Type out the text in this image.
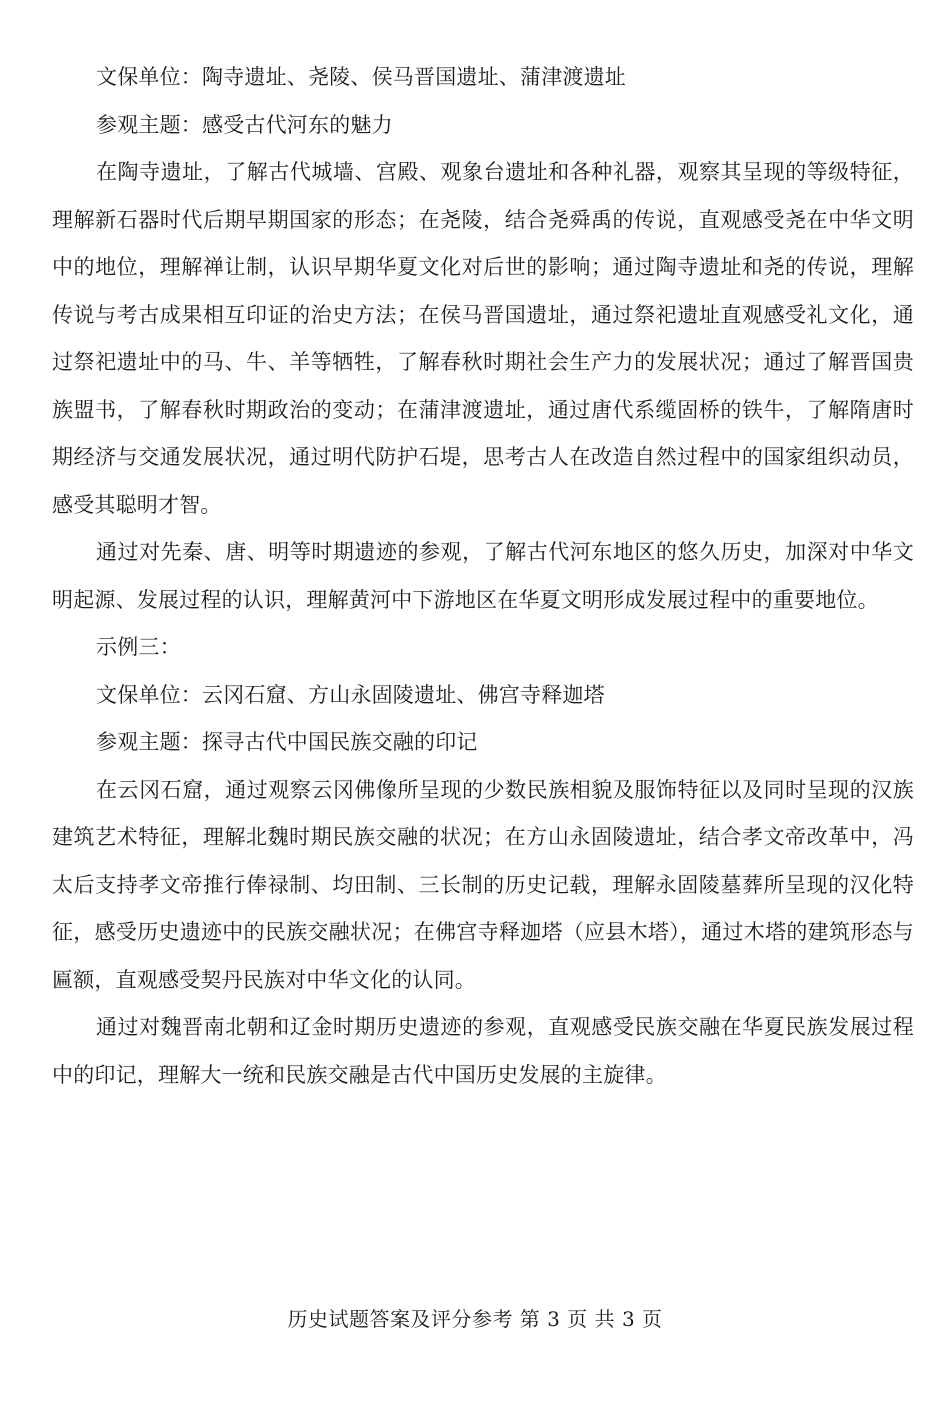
文保单位：陶寺遗址、尧陵、侯马晋国遗址、蒲津渡遗址

参观主题：感受古代河东的魅力

在陶寺遗址，了解古代城墙、宫殿、观象台遗址和各种礼器，观察其呈现的等级特征，理解新石器时代后期早期国家的形态；在尧陵，结合尧舜禹的传说，直观感受尧在中华文明中的地位，理解禅让制，认识早期华夏文化对后世的影响；通过陶寺遗址和尧的传说，理解传说与考古成果相互印证的治史方法；在侯马晋国遗址，通过祭祀遗址直观感受礼文化，通过祭祀遗址中的马、牛、羊等牺牲，了解春秋时期社会生产力的发展状况；通过了解晋国贵族盟书，了解春秋时期政治的变动；在蒲津渡遗址，通过唐代系缆固桥的铁牛，了解隋唐时期经济与交通发展状况，通过明代防护石堤，思考古人在改造自然过程中的国家组织动员，感受其聪明才智。

通过对先秦、唐、明等时期遗迹的参观，了解古代河东地区的悠久历史，加深对中华文明起源、发展过程的认识，理解黄河中下游地区在华夏文明形成发展过程中的重要地位。

示例三：

文保单位：云冈石窟、方山永固陵遗址、佛宫寺释迦塔

参观主题：探寻古代中国民族交融的印记

在云冈石窟，通过观察云冈佛像所呈现的少数民族相貌及服饰特征以及同时呈现的汉族建筑艺术特征，理解北魏时期民族交融的状况；在方山永固陵遗址，结合孝文帝改革中，冯太后支持孝文帝推行俸禄制、均田制、三长制的历史记载，理解永固陵墓葬所呈现的汉化特征，感受历史遗迹中的民族交融状况；在佛宫寺释迦塔（应县木塔），通过木塔的建筑形态与匾额，直观感受契丹民族对中华文化的认同。

通过对魏晋南北朝和辽金时期历史遗迹的参观，直观感受民族交融在华夏民族发展过程中的印记，理解大一统和民族交融是古代中国历史发展的主旋律。

历史试题答案及评分参考 第 3 页 共 3 页
